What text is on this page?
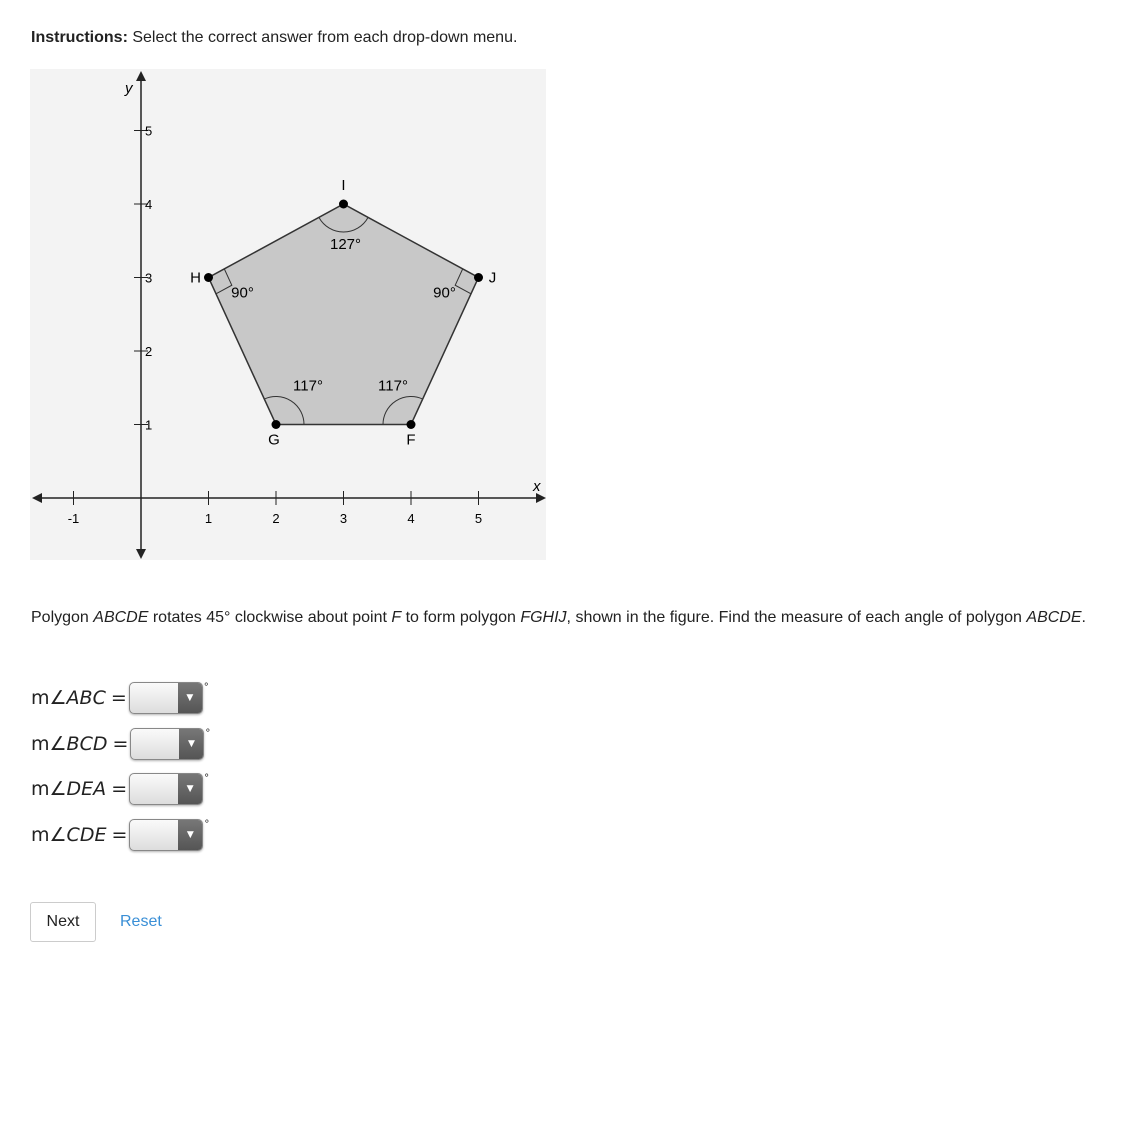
Instructions: Select the correct answer from each drop-down menu.
x
y
-1	1	2	3	4	5
1
2
3
4
5
F
117°
G
117°
H
90°
I
127°
J
90°
Polygon ABCDE rotates 45° clockwise about point F to form polygon FGHIJ, shown in the figure. Find the measure of each angle of polygon ABCDE.
m∠ABC =	▼
°
m∠BCD =	▼
°
m∠DEA =	▼
°
m∠CDE =	▼
°
Next	Reset
